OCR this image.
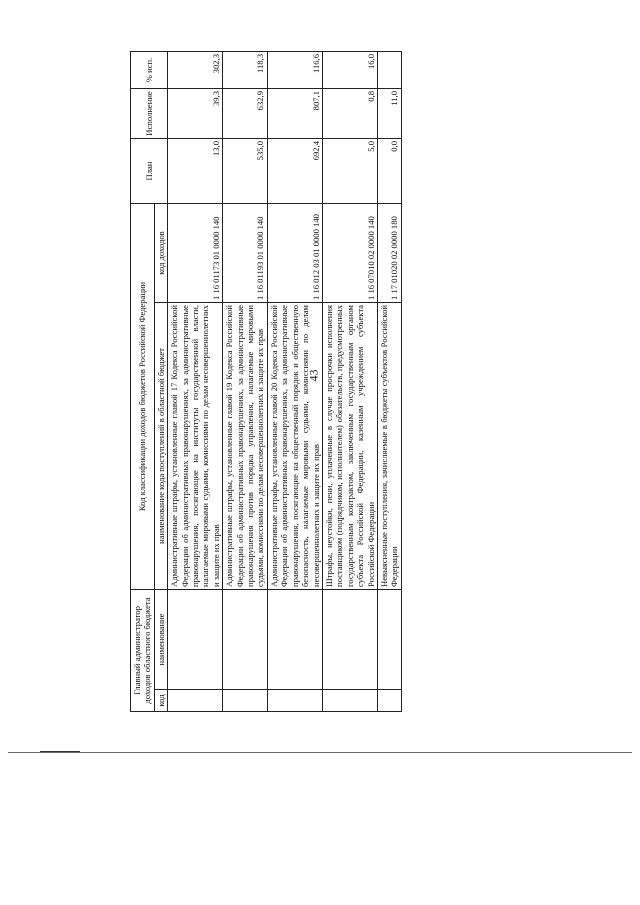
43
Главный администратор доходов областного бюджета		Код классификации доходов бюджетов Российской Федерации		План	Исполнение	% исп.
код	наименование	наименование кода поступлений в областной бюджет	код доходов			
		Административные штрафы, установленные главой 17 Кодекса Российской Федерации об административных правонарушениях, за административные правонарушения, посягающие на институты государственной власти, налагаемые мировыми судьями, комиссиями по делам несовершеннолетних и защите их прав	1 16 01173 01 0000 140	13,0	39,3	302,3
		Административные штрафы, установленные главой 19 Кодекса Российской Федерации об административных правонарушениях, за административные правонарушения против порядка управления, налагаемые мировыми судьями, комиссиями по делам несовершеннолетних и защите их прав	1 16 01193 01 0000 140	535,0	632,9	118,3
		Административные штрафы, установленные главой 20 Кодекса Российской Федерации об административных правонарушениях, за административные правонарушения, посягающие на общественный порядок и общественную безопасность, налагаемые мировыми судьями, комиссиями по делам несовершеннолетних и защите их прав	1 16 012 03 01 0000 140	692,4	807,1	116,6
		Штрафы, неустойки, пени, уплаченные в случае просрочки исполнения поставщиком (подрядчиком, исполнителем) обязательств, предусмотренных государственным контрактом, заключенным государственным органом субъекта Российской Федерации, казенным учреждением субъекта Российской Федерации	1 16 07010 02 0000 140	5,0	0,8	16,0
		Невыясненные поступления, зачисляемые в бюджеты субъектов Российской Федерации	1 17 01020 02 0000 180	0,0	11,0	
